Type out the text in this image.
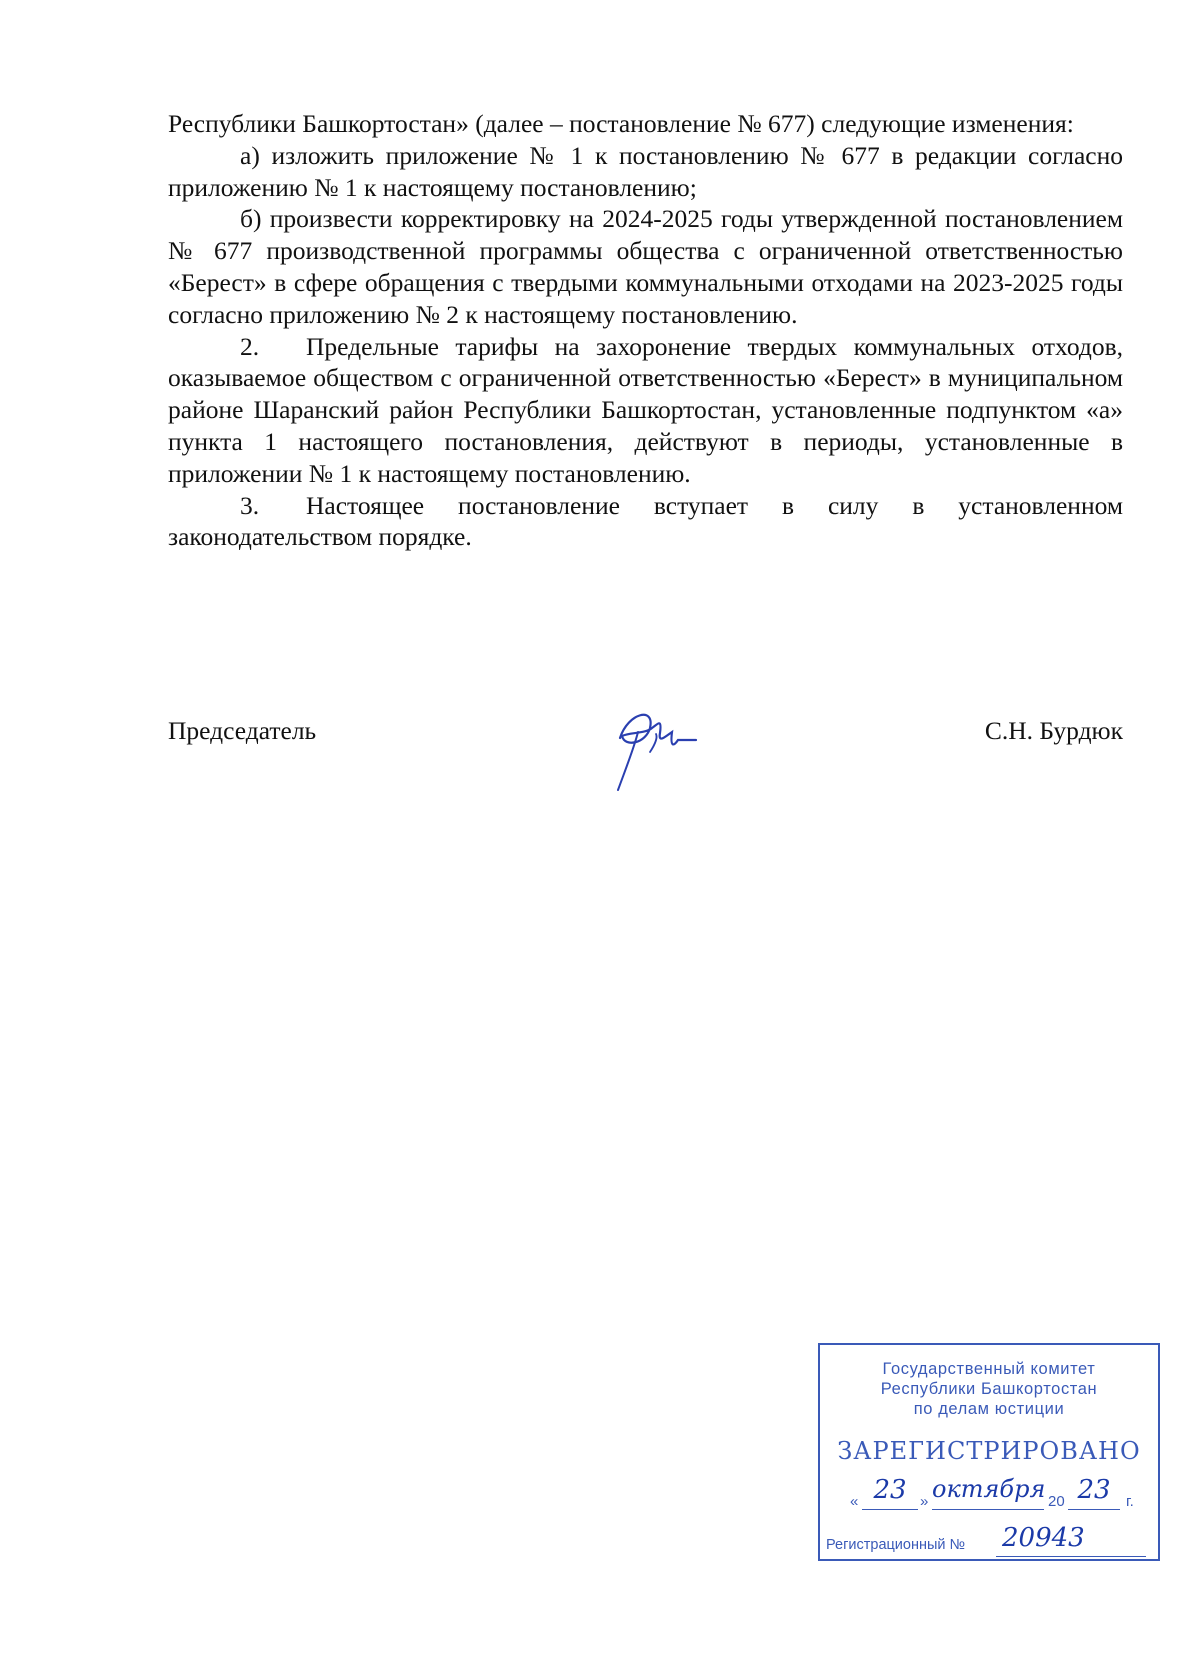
Республики Башкортостан» (далее – постановление № 677) следующие изменения:

а) изложить приложение № 1 к постановлению № 677 в редакции согласно приложению № 1 к настоящему постановлению;

б) произвести корректировку на 2024-2025 годы утвержденной постановлением № 677 производственной программы общества с ограниченной ответственностью «Берест» в сфере обращения с твердыми коммунальными отходами на 2023-2025 годы согласно приложению № 2 к настоящему постановлению.

2. Предельные тарифы на захоронение твердых коммунальных отходов, оказываемое обществом с ограниченной ответственностью «Берест» в муниципальном районе Шаранский район Республики Башкортостан, установленные подпунктом «а» пункта 1 настоящего постановления, действуют в периоды, установленные в приложении № 1 к настоящему постановлению.

3. Настоящее постановление вступает в силу в установленном законодательством порядке.

Председатель	С.Н. Бурдюк
Государственный комитет
Республики Башкортостан
по делам юстиции
ЗАРЕГИСТРИРОВАНО
« 23 » октября 20 23	г.
Регистрационный № 20943
